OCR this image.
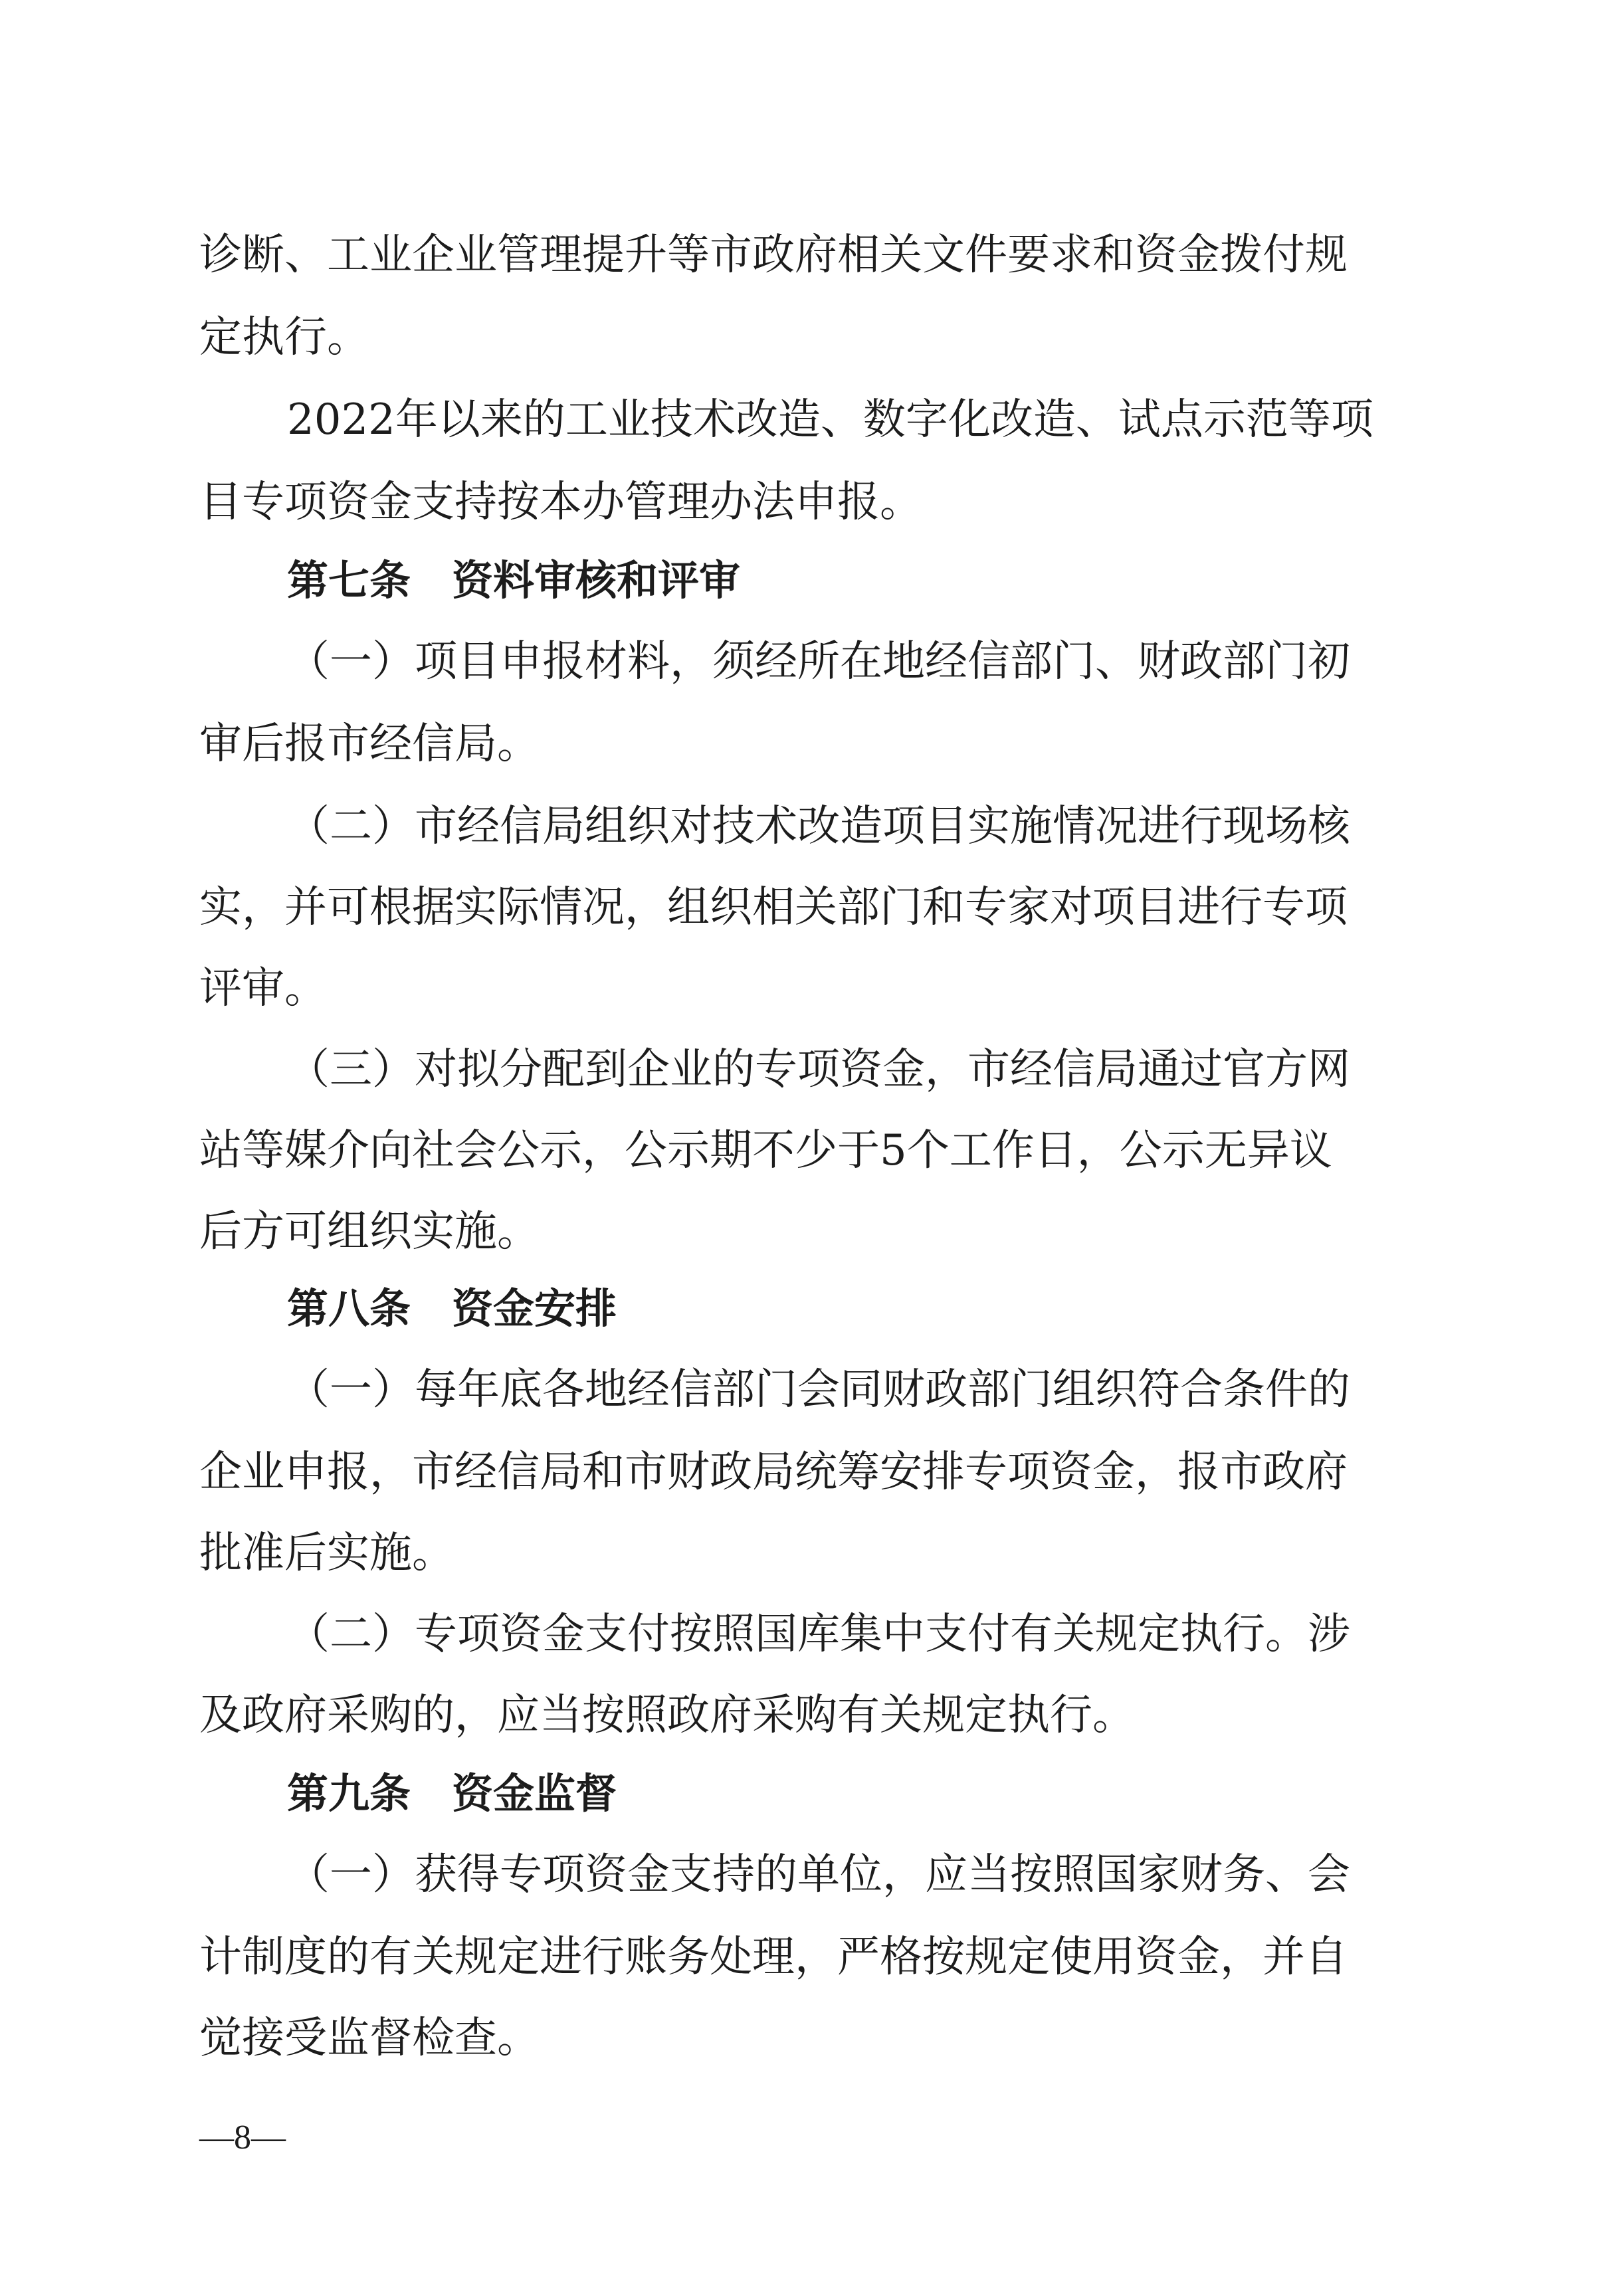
诊断、工业企业管理提升等市政府相关文件要求和资金拨付规

定执行。

2022年以来的工业技术改造、数字化改造、试点示范等项

目专项资金支持按本办管理办法申报。

第七条　资料审核和评审

（一）项目申报材料，须经所在地经信部门、财政部门初

审后报市经信局。

（二）市经信局组织对技术改造项目实施情况进行现场核

实，并可根据实际情况，组织相关部门和专家对项目进行专项

评审。

（三）对拟分配到企业的专项资金，市经信局通过官方网

站等媒介向社会公示，公示期不少于5个工作日，公示无异议

后方可组织实施。

第八条　资金安排

（一）每年底各地经信部门会同财政部门组织符合条件的

企业申报，市经信局和市财政局统筹安排专项资金，报市政府

批准后实施。

（二）专项资金支付按照国库集中支付有关规定执行。涉

及政府采购的，应当按照政府采购有关规定执行。

第九条　资金监督

（一）获得专项资金支持的单位，应当按照国家财务、会

计制度的有关规定进行账务处理，严格按规定使用资金，并自

觉接受监督检查。

—8—
